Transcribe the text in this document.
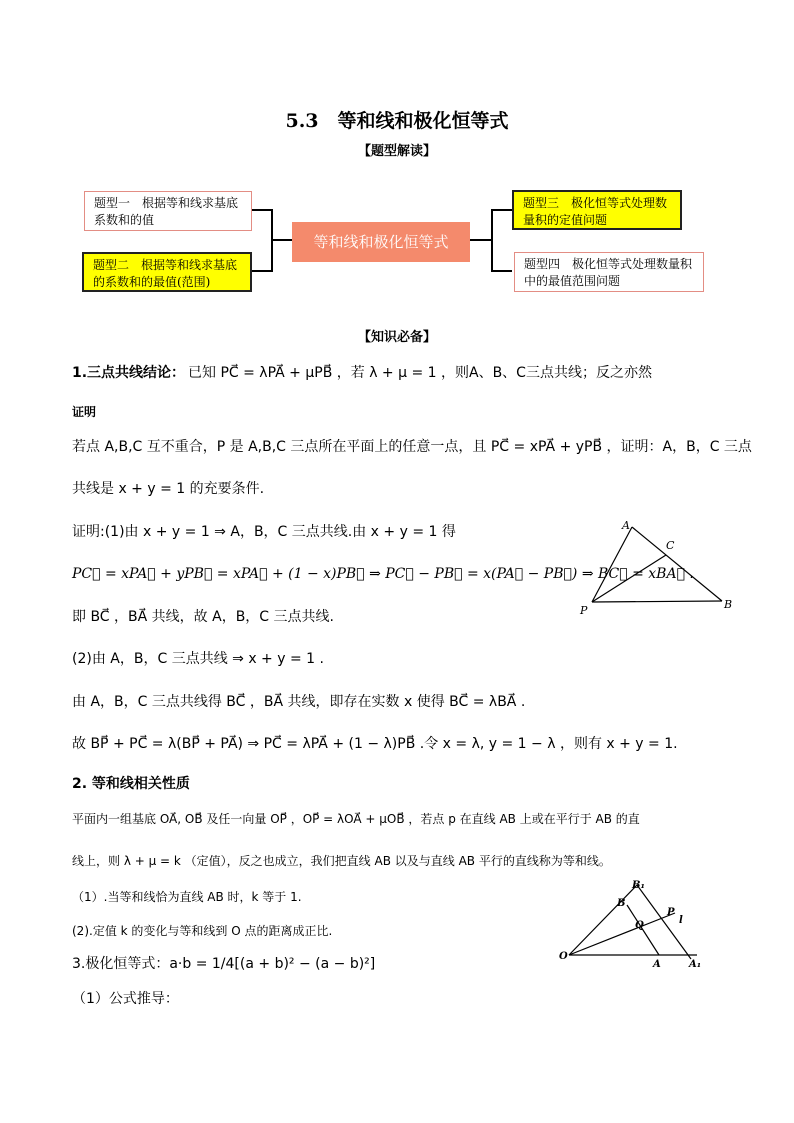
5.3　等和线和极化恒等式
【题型解读】
题型一　根据等和线求基底系数和的值
题型二　根据等和线求基底的系数和的最值(范围)
等和线和极化恒等式
题型三　极化恒等式处理数量积的定值问题
题型四　极化恒等式处理数量积中的最值范围问题
【知识必备】
1.三点共线结论： 已知 PC⃗ = λPA⃗ + μPB⃗ ，若 λ + μ = 1 ，则A、B、C三点共线；反之亦然
证明
若点 A,B,C 互不重合，P 是 A,B,C 三点所在平面上的任意一点，且 PC⃗ = xPA⃗ + yPB⃗ ，证明：A，B，C 三点
共线是 x + y = 1 的充要条件.
证明:(1)由 x + y = 1 ⇒ A，B，C 三点共线.由 x + y = 1 得
PC⃗ = xPA⃗ + yPB⃗ = xPA⃗ + (1 − x)PB⃗ ⇒ PC⃗ − PB⃗ = x(PA⃗ − PB⃗) ⇒ BC⃗ = xBA⃗ .
即 BC⃗ ，BA⃗ 共线，故 A，B，C 三点共线.
(2)由 A，B，C 三点共线 ⇒ x + y = 1 .
由 A，B，C 三点共线得 BC⃗ ，BA⃗ 共线，即存在实数 x 使得 BC⃗ = λBA⃗ .
故 BP⃗ + PC⃗ = λ(BP⃗ + PA⃗) ⇒ PC⃗ = λPA⃗ + (1 − λ)PB⃗ .令 x = λ, y = 1 − λ ，则有 x + y = 1.
2. 等和线相关性质
平面内一组基底 OA⃗, OB⃗ 及任一向量 OP⃗ ，OP⃗ = λOA⃗ + μOB⃗ ，若点 p 在直线 AB 上或在平行于 AB 的直
线上，则 λ + μ = k （定值），反之也成立，我们把直线 AB 以及与直线 AB 平行的直线称为等和线。
（1）.当等和线恰为直线 AB 时，k 等于 1.
(2).定值 k 的变化与等和线到 O 点的距离成正比.
3.极化恒等式：a·b = 1/4[(a + b)² − (a − b)²]
（1）公式推导：
A
C
P	B
O
A	A₁
B
B₁
P
Q	l
